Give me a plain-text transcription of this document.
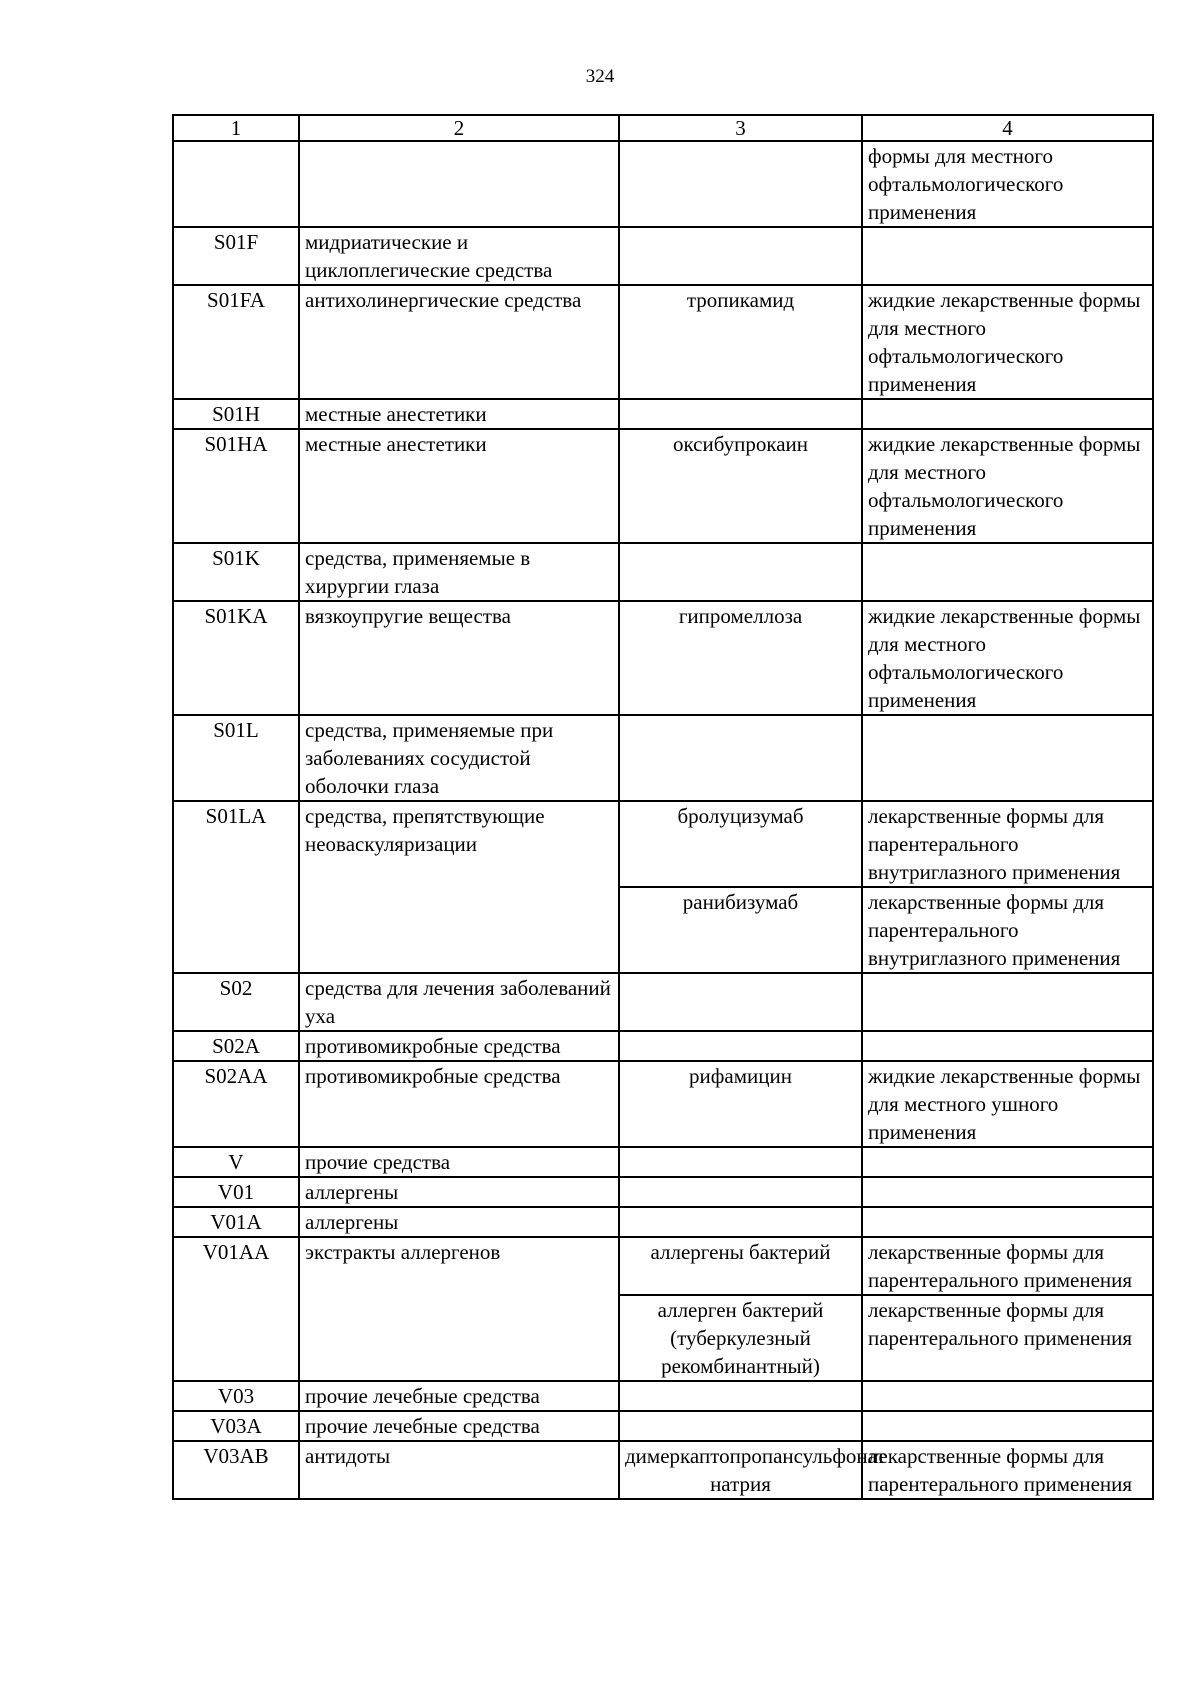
324
1	2	3	4
			формы для местного офтальмологического применения
S01F	мидриатические и циклоплегические средства		
S01FA	антихолинергические средства	тропикамид	жидкие лекарственные формы для местного офтальмологического применения
S01H	местные анестетики		
S01HA	местные анестетики	оксибупрокаин	жидкие лекарственные формы для местного офтальмологического применения
S01K	средства, применяемые в хирургии глаза		
S01KA	вязкоупругие вещества	гипромеллоза	жидкие лекарственные формы для местного офтальмологического применения
S01L	средства, применяемые при заболеваниях сосудистой оболочки глаза		
S01LA	средства, препятствующие неоваскуляризации	бролуцизумаб	лекарственные формы для парентерального внутриглазного применения
		ранибизумаб	лекарственные формы для парентерального внутриглазного применения
S02	средства для лечения заболеваний уха		
S02A	противомикробные средства		
S02AA	противомикробные средства	рифамицин	жидкие лекарственные формы для местного ушного применения
V	прочие средства		
V01	аллергены		
V01A	аллергены		
V01AA	экстракты аллергенов	аллергены бактерий	лекарственные формы для парентерального применения
		аллерген бактерий (туберкулезный рекомбинантный)	лекарственные формы для парентерального применения
V03	прочие лечебные средства		
V03A	прочие лечебные средства		
V03AB	антидоты	димеркаптопропансульфонат натрия	лекарственные формы для парентерального применения
